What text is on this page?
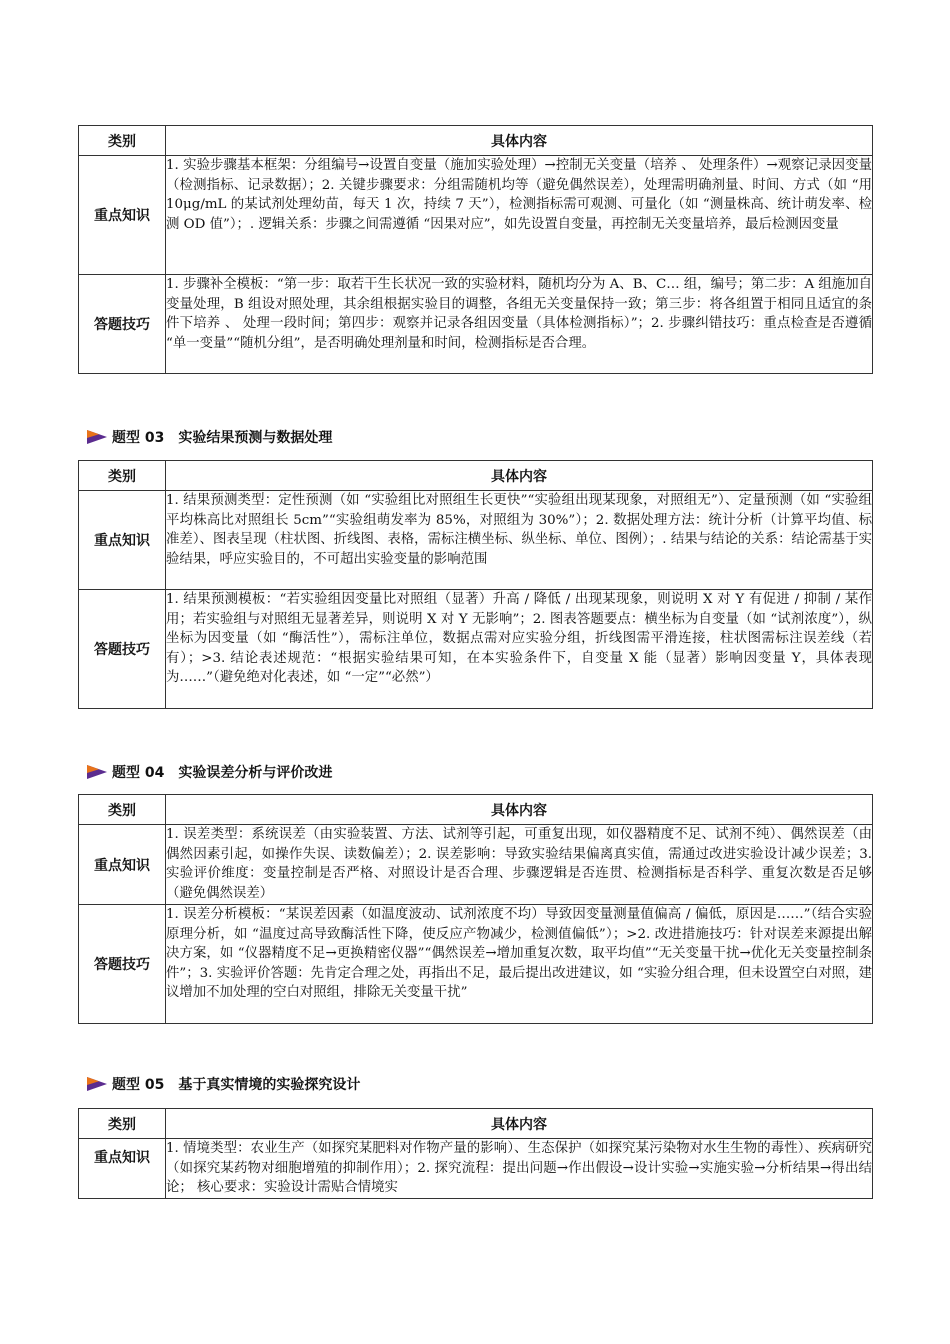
类别	具体内容
重点知识	1. 实验步骤基本框架：分组编号→设置自变量（施加实验处理）→控制无关变量（培养 、 处理条件）→观察记录因变量（检测指标、记录数据）；2. 关键步骤要求：分组需随机均等（避免偶然误差），处理需明确剂量、时间、方式（如 “用 10μg/mL 的某试剂处理幼苗，每天 1 次，持续 7 天”），检测指标需可观测、可量化（如 “测量株高、统计萌发率、检测 OD 值”）；. 逻辑关系：步骤之间需遵循 “因果对应”，如先设置自变量，再控制无关变量培养，最后检测因变量
答题技巧	1. 步骤补全模板：“第一步：取若干生长状况一致的实验材料，随机均分为 A、B、C… 组，编号；第二步：A 组施加自变量处理，B 组设对照处理，其余组根据实验目的调整，各组无关变量保持一致；第三步：将各组置于相同且适宜的条件下培养 、 处理一段时间；第四步：观察并记录各组因变量（具体检测指标）”；2. 步骤纠错技巧：重点检查是否遵循 “单一变量”“随机分组”，是否明确处理剂量和时间，检测指标是否合理。
题型 03 实验结果预测与数据处理
类别	具体内容
重点知识	1. 结果预测类型：定性预测（如 “实验组比对照组生长更快”“实验组出现某现象，对照组无”）、定量预测（如 “实验组平均株高比对照组长 5cm”“实验组萌发率为 85%，对照组为 30%”）；2. 数据处理方法：统计分析（计算平均值、标准差）、图表呈现（柱状图、折线图、表格，需标注横坐标、纵坐标、单位、图例）；. 结果与结论的关系：结论需基于实验结果，呼应实验目的，不可超出实验变量的影响范围
答题技巧	1. 结果预测模板：“若实验组因变量比对照组（显著）升高 / 降低 / 出现某现象，则说明 X 对 Y 有促进 / 抑制 / 某作用；若实验组与对照组无显著差异，则说明 X 对 Y 无影响”；2. 图表答题要点：横坐标为自变量（如 “试剂浓度”），纵坐标为因变量（如 “酶活性”），需标注单位，数据点需对应实验分组，折线图需平滑连接，柱状图需标注误差线（若有）；>3. 结论表述规范：“根据实验结果可知，在本实验条件下，自变量 X 能（显著）影响因变量 Y，具体表现为……”（避免绝对化表述，如 “一定”“必然”）
题型 04 实验误差分析与评价改进
类别	具体内容
重点知识	1. 误差类型：系统误差（由实验装置、方法、试剂等引起，可重复出现，如仪器精度不足、试剂不纯）、偶然误差（由偶然因素引起，如操作失误、读数偏差）；2. 误差影响：导致实验结果偏离真实值，需通过改进实验设计减少误差；3. 实验评价维度：变量控制是否严格、对照设计是否合理、步骤逻辑是否连贯、检测指标是否科学、重复次数是否足够（避免偶然误差）
答题技巧	1. 误差分析模板：“某误差因素（如温度波动、试剂浓度不均）导致因变量测量值偏高 / 偏低，原因是……”（结合实验原理分析，如 “温度过高导致酶活性下降，使反应产物减少，检测值偏低”）；>2. 改进措施技巧：针对误差来源提出解决方案，如 “仪器精度不足→更换精密仪器”“偶然误差→增加重复次数，取平均值”“无关变量干扰→优化无关变量控制条件”；3. 实验评价答题：先肯定合理之处，再指出不足，最后提出改进建议，如 “实验分组合理，但未设置空白对照，建议增加不加处理的空白对照组，排除无关变量干扰”
题型 05 基于真实情境的实验探究设计
类别	具体内容
重点知识	1. 情境类型：农业生产（如探究某肥料对作物产量的影响）、生态保护（如探究某污染物对水生生物的毒性）、疾病研究（如探究某药物对细胞增殖的抑制作用）；2. 探究流程：提出问题→作出假设→设计实验→实施实验→分析结果→得出结论； 核心要求：实验设计需贴合情境实
